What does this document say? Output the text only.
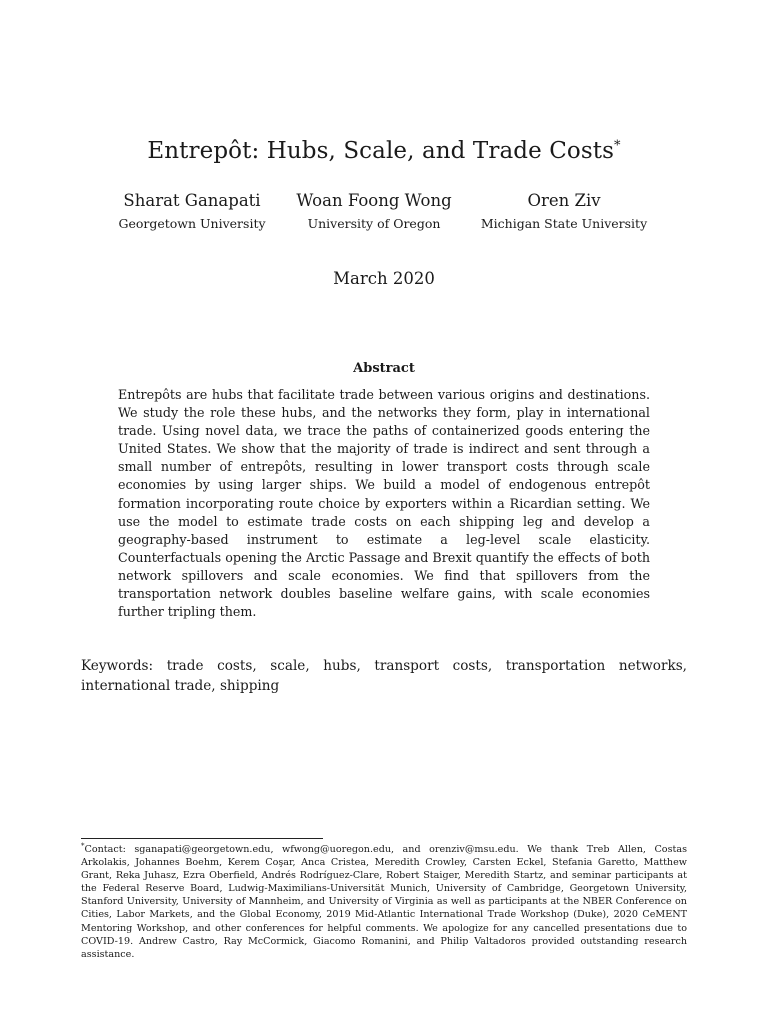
Entrepôt: Hubs, Scale, and Trade Costs*
Sharat Ganapati
Georgetown University
Woan Foong Wong
University of Oregon
Oren Ziv
Michigan State University
March 2020
Abstract
Entrepôts are hubs that facilitate trade between various origins and destinations. We study the role these hubs, and the networks they form, play in international trade. Using novel data, we trace the paths of containerized goods entering the United States. We show that the majority of trade is indirect and sent through a small number of entrepôts, resulting in lower transport costs through scale economies by using larger ships. We build a model of endogenous entrepôt formation incorporating route choice by exporters within a Ricardian setting. We use the model to estimate trade costs on each shipping leg and develop a geography-based instrument to estimate a leg-level scale elasticity. Counterfactuals opening the Arctic Passage and Brexit quantify the effects of both network spillovers and scale economies. We find that spillovers from the transportation network doubles baseline welfare gains, with scale economies further tripling them.
Keywords: trade costs, scale, hubs, transport costs, transportation networks, international trade, shipping
*Contact: sganapati@georgetown.edu, wfwong@uoregon.edu, and orenziv@msu.edu. We thank Treb Allen, Costas Arkolakis, Johannes Boehm, Kerem Coşar, Anca Cristea, Meredith Crowley, Carsten Eckel, Stefania Garetto, Matthew Grant, Reka Juhasz, Ezra Oberfield, Andrés Rodríguez-Clare, Robert Staiger, Meredith Startz, and seminar participants at the Federal Reserve Board, Ludwig-Maximilians-Universität Munich, University of Cambridge, Georgetown University, Stanford University, University of Mannheim, and University of Virginia as well as participants at the NBER Conference on Cities, Labor Markets, and the Global Economy, 2019 Mid-Atlantic International Trade Workshop (Duke), 2020 CeMENT Mentoring Workshop, and other conferences for helpful comments. We apologize for any cancelled presentations due to COVID-19. Andrew Castro, Ray McCormick, Giacomo Romanini, and Philip Valtadoros provided outstanding research assistance.
